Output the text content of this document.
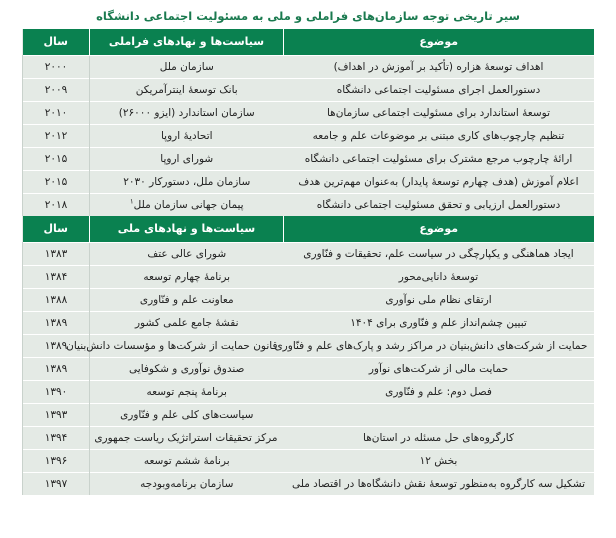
سیر تاریخی توجه سازمان‌های فراملی و ملی به مسئولیت اجتماعی دانشگاه
موضوع	سیاست‌ها و نهادهای فراملی	سال
اهداف توسعهٔ هزاره (تأکید بر آموزش در اهداف)	سازمان ملل	۲۰۰۰
دستورالعمل اجرای مسئولیت اجتماعی دانشگاه	بانک توسعهٔ اینترآمریکن	۲۰۰۹
توسعهٔ استاندارد برای مسئولیت اجتماعی سازمان‌ها	سازمان استاندارد (ایزو ۲۶۰۰۰)	۲۰۱۰
تنظیم چارچوب‌های کاری مبتنی بر موضوعات علم و جامعه	اتحادیهٔ اروپا	۲۰۱۲
ارائهٔ چارچوب مرجع مشترک برای مسئولیت اجتماعی دانشگاه	شورای اروپا	۲۰۱۵
اعلام آموزش (هدف چهارم توسعهٔ پایدار) به‌عنوان مهم‌ترین هدف	سازمان ملل، دستورکار ۲۰۳۰	۲۰۱۵
دستورالعمل ارزیابی و تحقق مسئولیت اجتماعی دانشگاه	پیمان جهانی سازمان ملل$^۱$	۲۰۱۸
موضوع	سیاست‌ها و نهادهای ملی	سال
ایجاد هماهنگی و یکپارچگی در سیاست علم، تحقیقات و فنّاوری	شورای عالی عتف	۱۳۸۳
توسعهٔ دانایی‌محور	برنامهٔ چهارم توسعه	۱۳۸۴
ارتقای نظام ملی نوآوری	معاونت علم و فنّاوری	۱۳۸۸
تبیین چشم‌انداز علم و فنّاوری برای ۱۴۰۴	نقشهٔ جامع علمی کشور	۱۳۸۹
حمایت از شرکت‌های دانش‌بنیان در مراکز رشد و پارک‌های علم و فنّاوری	قانون حمایت از شرکت‌ها و مؤسسات دانش‌بنیان	۱۳۸۹
حمایت مالی از شرکت‌های نوآور	صندوق نوآوری و شکوفایی	۱۳۸۹
فصل دوم: علم و فنّاوری	برنامهٔ پنجم توسعه	۱۳۹۰
	سیاست‌های کلی علم و فنّاوری	۱۳۹۳
کارگروه‌های حل مسئله در استان‌ها	مرکز تحقیقات استراتژیک ریاست جمهوری	۱۳۹۴
بخش ۱۲	برنامهٔ ششم توسعه	۱۳۹۶
تشکیل سه کارگروه به‌منظور توسعهٔ نقش دانشگاه‌ها در اقتصاد ملی	سازمان برنامه‌وبودجه	۱۳۹۷
